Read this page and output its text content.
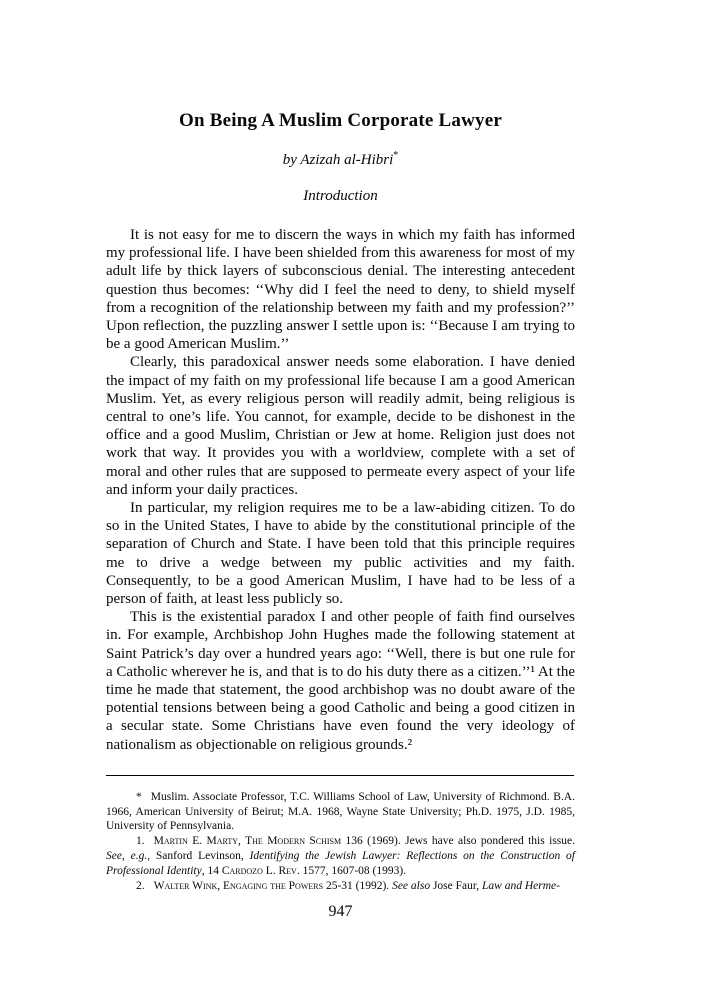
On Being A Muslim Corporate Lawyer
by Azizah al-Hibri*
Introduction

It is not easy for me to discern the ways in which my faith has informed my professional life. I have been shielded from this awareness for most of my adult life by thick layers of subconscious denial. The interesting antecedent question thus becomes: ‘‘Why did I feel the need to deny, to shield myself from a recognition of the relationship between my faith and my profession?’’ Upon reflection, the puzzling answer I settle upon is: ‘‘Because I am trying to be a good American Muslim.’’

Clearly, this paradoxical answer needs some elaboration. I have denied the impact of my faith on my professional life because I am a good American Muslim. Yet, as every religious person will readily admit, being religious is central to one’s life. You cannot, for example, decide to be dishonest in the office and a good Muslim, Christian or Jew at home. Religion just does not work that way. It provides you with a worldview, complete with a set of moral and other rules that are supposed to permeate every aspect of your life and inform your daily practices.

In particular, my religion requires me to be a law-abiding citizen. To do so in the United States, I have to abide by the constitutional principle of the separation of Church and State. I have been told that this principle requires me to drive a wedge between my public activities and my faith. Consequently, to be a good American Muslim, I have had to be less of a person of faith, at least less publicly so.

This is the existential paradox I and other people of faith find ourselves in. For example, Archbishop John Hughes made the following statement at Saint Patrick’s day over a hundred years ago: ‘‘Well, there is but one rule for a Catholic wherever he is, and that is to do his duty there as a citizen.’’¹ At the time he made that statement, the good archbishop was no doubt aware of the potential tensions between being a good Catholic and being a good citizen in a secular state. Some Christians have even found the very ideology of nationalism as objectionable on religious grounds.²

* Muslim. Associate Professor, T.C. Williams School of Law, University of Richmond. B.A. 1966, American University of Beirut; M.A. 1968, Wayne State University; Ph.D. 1975, J.D. 1985, University of Pennsylvania.

1. Martin E. Marty, The Modern Schism 136 (1969). Jews have also pondered this issue. See, e.g., Sanford Levinson, Identifying the Jewish Lawyer: Reflections on the Construction of Professional Identity, 14 Cardozo L. Rev. 1577, 1607-08 (1993).

2. Walter Wink, Engaging the Powers 25-31 (1992). See also Jose Faur, Law and Herme-

947
